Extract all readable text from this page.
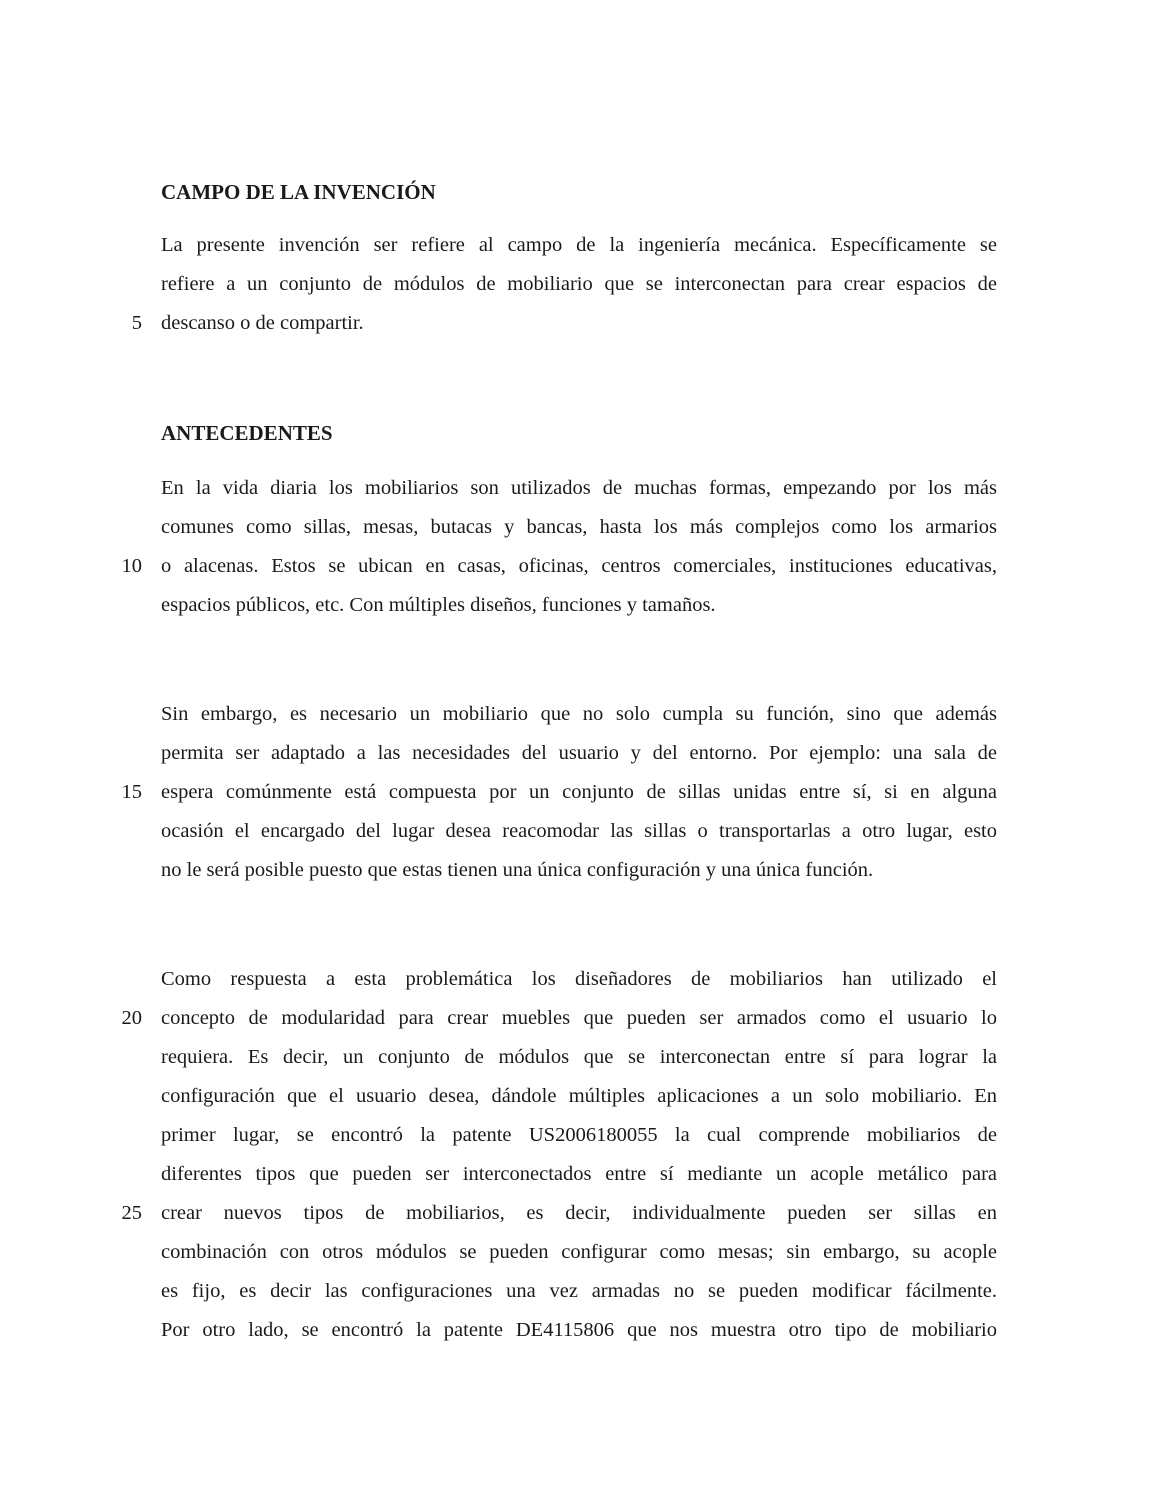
CAMPO DE LA INVENCIÓN
La presente invención ser refiere al campo de la ingeniería mecánica. Específicamente se
refiere a un conjunto de módulos de mobiliario que se interconectan para crear espacios de
descanso o de compartir.
5
ANTECEDENTES
En la vida diaria los mobiliarios son utilizados de muchas formas, empezando por los más
comunes como sillas, mesas, butacas y bancas, hasta los más complejos como los armarios
o alacenas. Estos se ubican en casas, oficinas, centros comerciales, instituciones educativas,
10
espacios públicos, etc. Con múltiples diseños, funciones y tamaños.
Sin embargo, es necesario un mobiliario que no solo cumpla su función, sino que además
permita ser adaptado a las necesidades del usuario y del entorno. Por ejemplo: una sala de
espera comúnmente está compuesta por un conjunto de sillas unidas entre sí, si en alguna
15
ocasión el encargado del lugar desea reacomodar las sillas o transportarlas a otro lugar, esto
no le será posible puesto que estas tienen una única configuración y una única función.
Como respuesta a esta problemática los diseñadores de mobiliarios han utilizado el
concepto de modularidad para crear muebles que pueden ser armados como el usuario lo
20
requiera. Es decir, un conjunto de módulos que se interconectan entre sí para lograr la
configuración que el usuario desea, dándole múltiples aplicaciones a un solo mobiliario. En
primer lugar, se encontró la patente US2006180055 la cual comprende mobiliarios de
diferentes tipos que pueden ser interconectados entre sí mediante un acople metálico para
crear nuevos tipos de mobiliarios, es decir, individualmente pueden ser sillas en
25
combinación con otros módulos se pueden configurar como mesas; sin embargo, su acople
es fijo, es decir las configuraciones una vez armadas no se pueden modificar fácilmente.
Por otro lado, se encontró la patente DE4115806 que nos muestra otro tipo de mobiliario
